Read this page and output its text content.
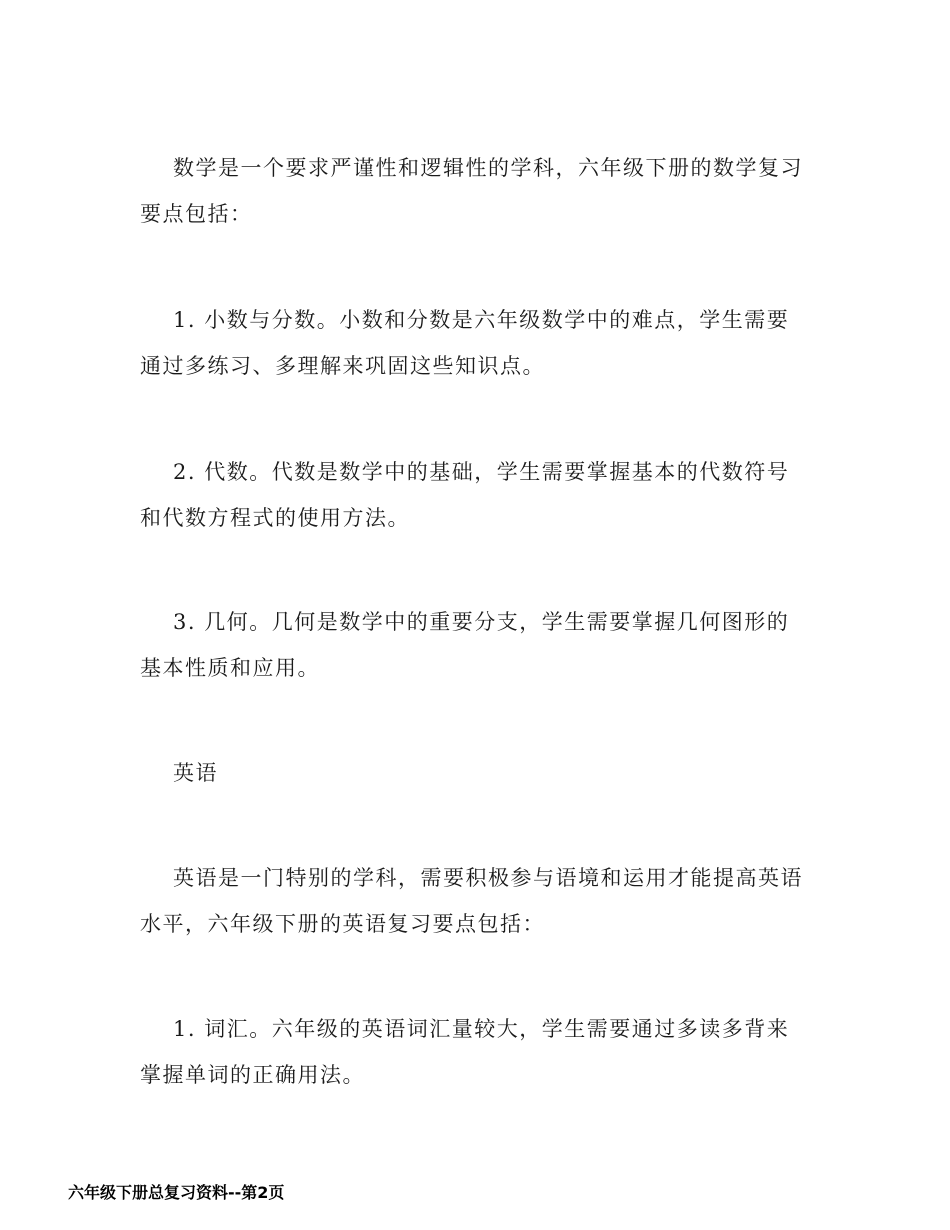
数学是一个要求严谨性和逻辑性的学科，六年级下册的数学复习要点包括：

1. 小数与分数。小数和分数是六年级数学中的难点，学生需要通过多练习、多理解来巩固这些知识点。

2. 代数。代数是数学中的基础，学生需要掌握基本的代数符号和代数方程式的使用方法。

3. 几何。几何是数学中的重要分支，学生需要掌握几何图形的基本性质和应用。

英语

英语是一门特别的学科，需要积极参与语境和运用才能提高英语水平，六年级下册的英语复习要点包括：

1. 词汇。六年级的英语词汇量较大，学生需要通过多读多背来掌握单词的正确用法。

六年级下册总复习资料--第2页
